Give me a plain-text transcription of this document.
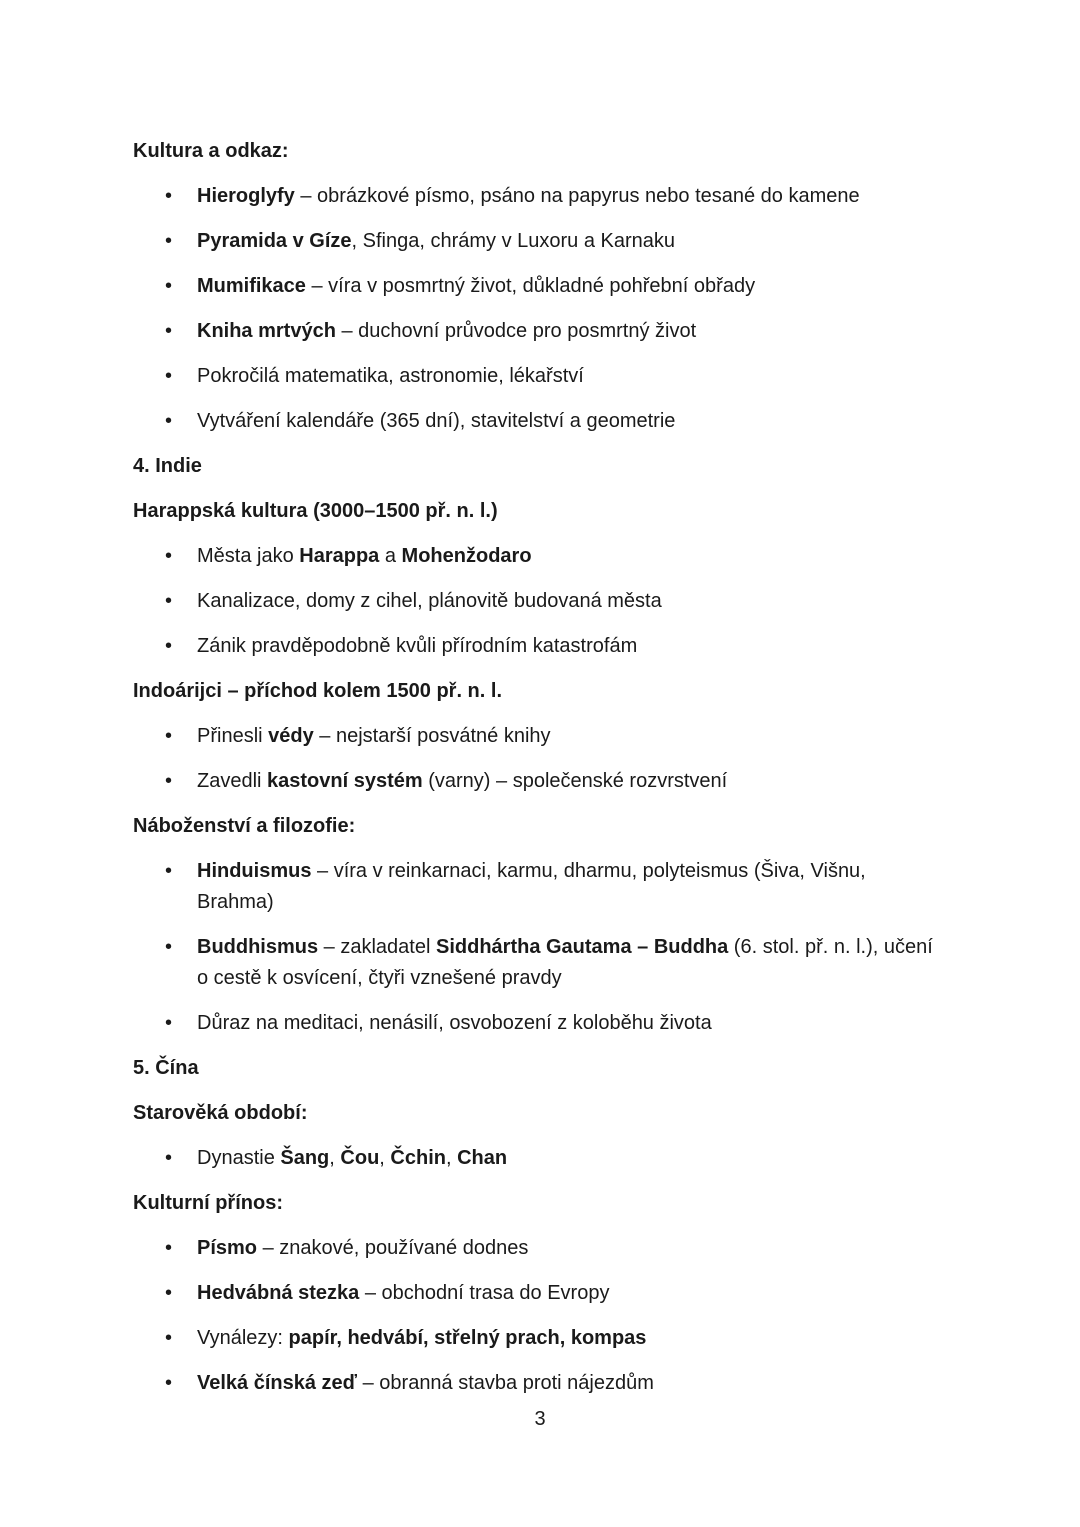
Kultura a odkaz:

• Hieroglyfy – obrázkové písmo, psáno na papyrus nebo tesané do kamene
• Pyramida v Gíze, Sfinga, chrámy v Luxoru a Karnaku
• Mumifikace – víra v posmrtný život, důkladné pohřební obřady
• Kniha mrtvých – duchovní průvodce pro posmrtný život
• Pokročilá matematika, astronomie, lékařství
• Vytváření kalendáře (365 dní), stavitelství a geometrie

4. Indie

Harappská kultura (3000–1500 př. n. l.)

• Města jako Harappa a Mohenžodaro
• Kanalizace, domy z cihel, plánovitě budovaná města
• Zánik pravděpodobně kvůli přírodním katastrofám

Indoárijci – příchod kolem 1500 př. n. l.

• Přinesli védy – nejstarší posvátné knihy
• Zavedli kastovní systém (varny) – společenské rozvrstvení

Náboženství a filozofie:

• Hinduismus – víra v reinkarnaci, karmu, dharmu, polyteismus (Šiva, Višnu, Brahma)
• Buddhismus – zakladatel Siddhártha Gautama – Buddha (6. stol. př. n. l.), učení o cestě k osvícení, čtyři vznešené pravdy
• Důraz na meditaci, nenásilí, osvobození z koloběhu života

5. Čína

Starověká období:

• Dynastie Šang, Čou, Čchin, Chan

Kulturní přínos:

• Písmo – znakové, používané dodnes
• Hedvábná stezka – obchodní trasa do Evropy
• Vynálezy: papír, hedvábí, střelný prach, kompas
• Velká čínská zeď – obranná stavba proti nájezdům
3
